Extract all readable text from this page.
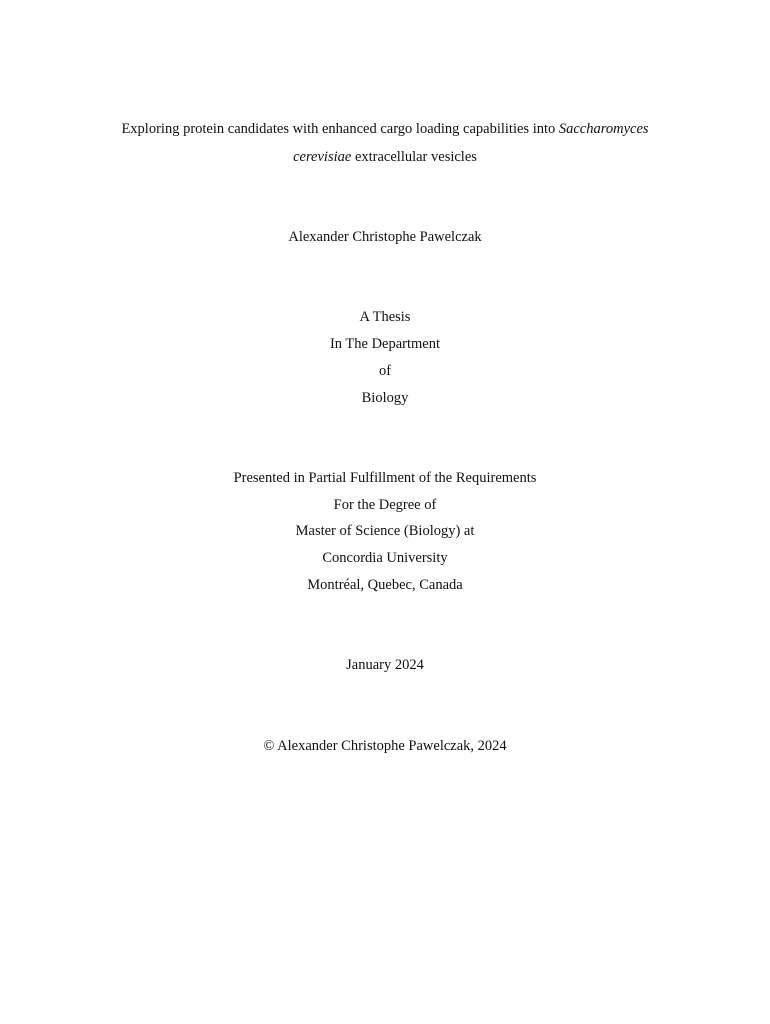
Exploring protein candidates with enhanced cargo loading capabilities into Saccharomyces
cerevisiae extracellular vesicles
Alexander Christophe Pawelczak
A Thesis
In The Department
of
Biology
Presented in Partial Fulfillment of the Requirements
For the Degree of
Master of Science (Biology) at
Concordia University
Montréal, Quebec, Canada
January 2024
© Alexander Christophe Pawelczak, 2024
